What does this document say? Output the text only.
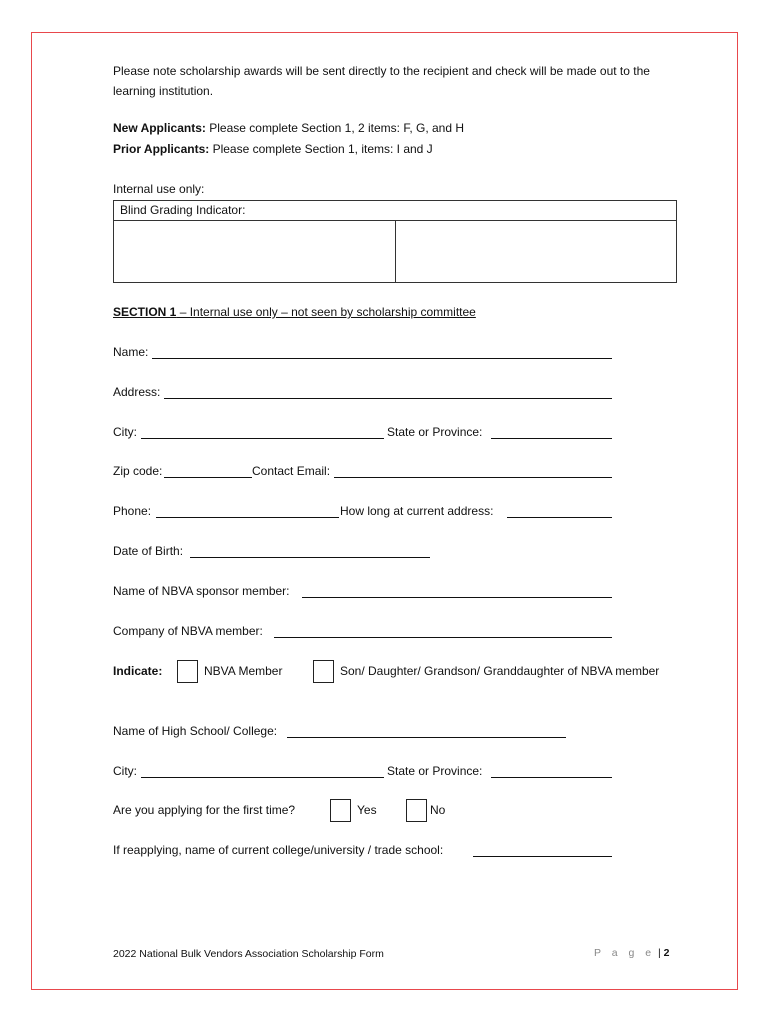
Please note scholarship awards will be sent directly to the recipient and check will be made out to the learning institution.
New Applicants: Please complete Section 1, 2 items: F, G, and H
Prior Applicants: Please complete Section 1, items: I and J
Internal use only:
Blind Grading Indicator:
SECTION 1 – Internal use only – not seen by scholarship committee
Name:
Address:
City:	State or Province:
Zip code:	Contact Email:
Phone:	How long at current address:
Date of Birth:
Name of NBVA sponsor member:
Company of NBVA member:
Indicate:	NBVA Member	Son/ Daughter/ Grandson/ Granddaughter of NBVA member
Name of High School/ College:
City:	State or Province:
Are you applying for the first time?	Yes	No
If reapplying, name of current college/university / trade school:
2022 National Bulk Vendors Association Scholarship Form	P a g e | 2
